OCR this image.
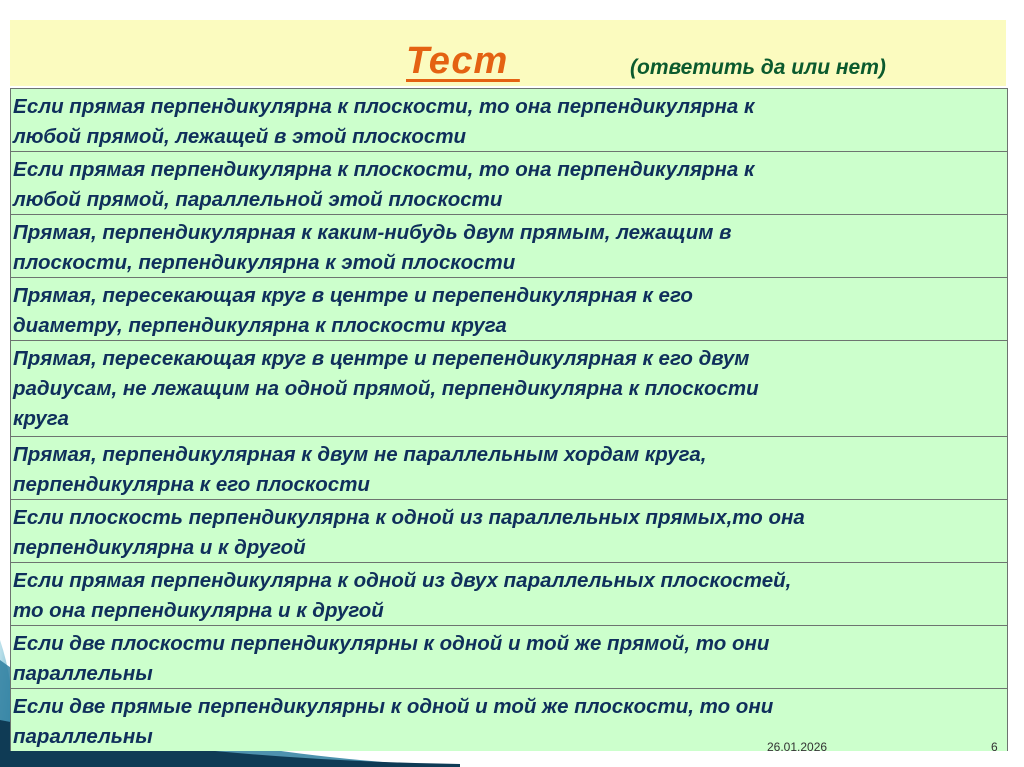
Тест	(ответить да или нет)
Если прямая перпендикулярна к плоскости, то она перпендикулярна к
любой прямой, лежащей в этой плоскости
Если прямая перпендикулярна к плоскости, то она перпендикулярна к
любой прямой, параллельной этой плоскости
Прямая, перпендикулярная к каким-нибудь двум прямым, лежащим в
плоскости, перпендикулярна к этой плоскости
Прямая, пересекающая круг в центре и перепендикулярная к его
диаметру, перпендикулярна к плоскости круга
Прямая, пересекающая круг в центре и перепендикулярная к его двум
радиусам, не лежащим на одной прямой, перпендикулярна к плоскости
круга
Прямая, перпендикулярная к двум не параллельным хордам круга,
перпендикулярна к его плоскости
Если плоскость перпендикулярна к одной из параллельных прямых,то она
перпендикулярна и к другой
Если прямая перпендикулярна к одной из двух параллельных плоскостей,
то она перпендикулярна и к другой
Если две плоскости перпендикулярны к одной и той же прямой, то они
параллельны
Если две прямые перпендикулярны к одной и той же плоскости, то они
параллельны	26.01.2026	6
